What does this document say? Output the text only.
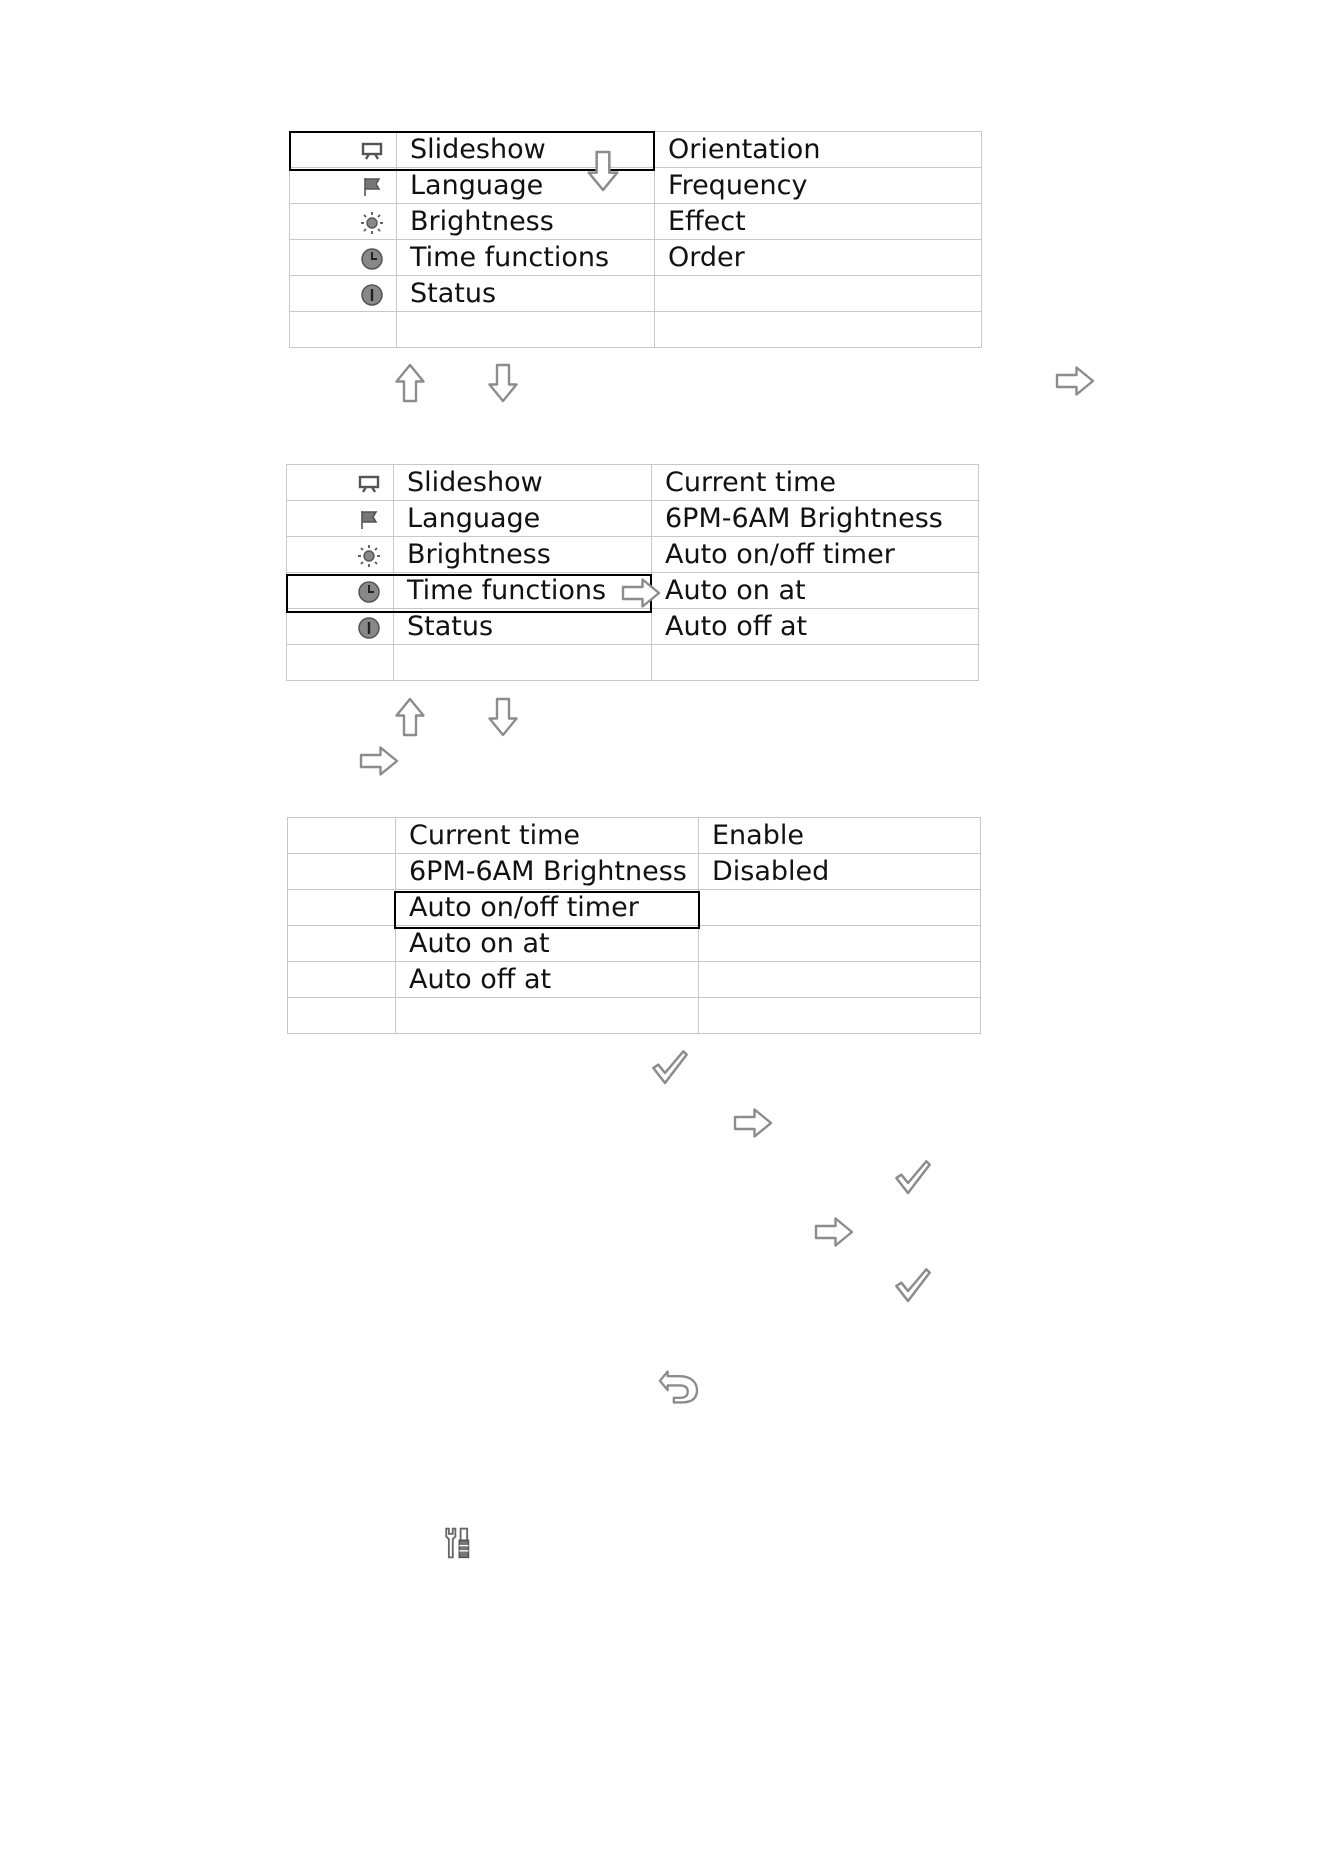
	Slideshow	Orientation

	Language	Frequency

	Brightness	Effect

	Time functions	Order

	Status	

	Slideshow	Current time

	Language	6PM-6AM Brightness

	Brightness	Auto on/off timer

	Time functions	Auto on at

	Status	Auto off at

	Current time	Enable
	6PM-6AM Brightness	Disabled
	Auto on/off timer	
	Auto on at	
	Auto off at	
